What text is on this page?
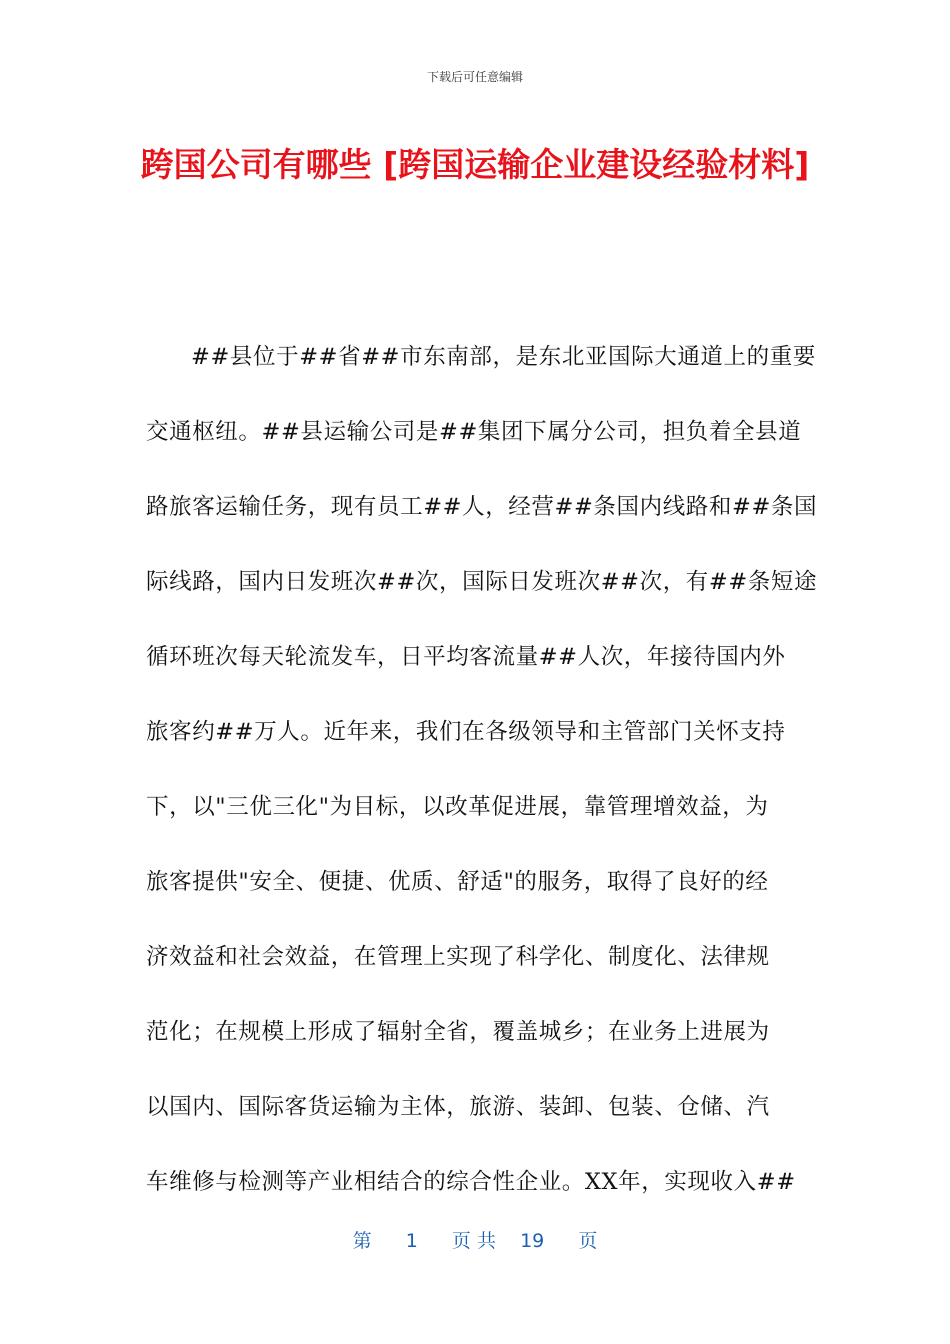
下载后可任意编辑
跨国公司有哪些 [跨国运输企业建设经验材料]
##县位于##省##市东南部，是东北亚国际大通道上的重要
交通枢纽。##县运输公司是##集团下属分公司，担负着全县道
路旅客运输任务，现有员工##人，经营##条国内线路和##条国
际线路，国内日发班次##次，国际日发班次##次，有##条短途
循环班次每天轮流发车，日平均客流量##人次，年接待国内外
旅客约##万人。近年来，我们在各级领导和主管部门关怀支持
下，以"三优三化"为目标，以改革促进展，靠管理增效益，为
旅客提供"安全、便捷、优质、舒适"的服务，取得了良好的经
济效益和社会效益，在管理上实现了科学化、制度化、法律规
范化；在规模上形成了辐射全省，覆盖城乡；在业务上进展为
以国内、国际客货运输为主体，旅游、装卸、包装、仓储、汽
车维修与检测等产业相结合的综合性企业。XX年，实现收入##
第 1 页 共 19 页
